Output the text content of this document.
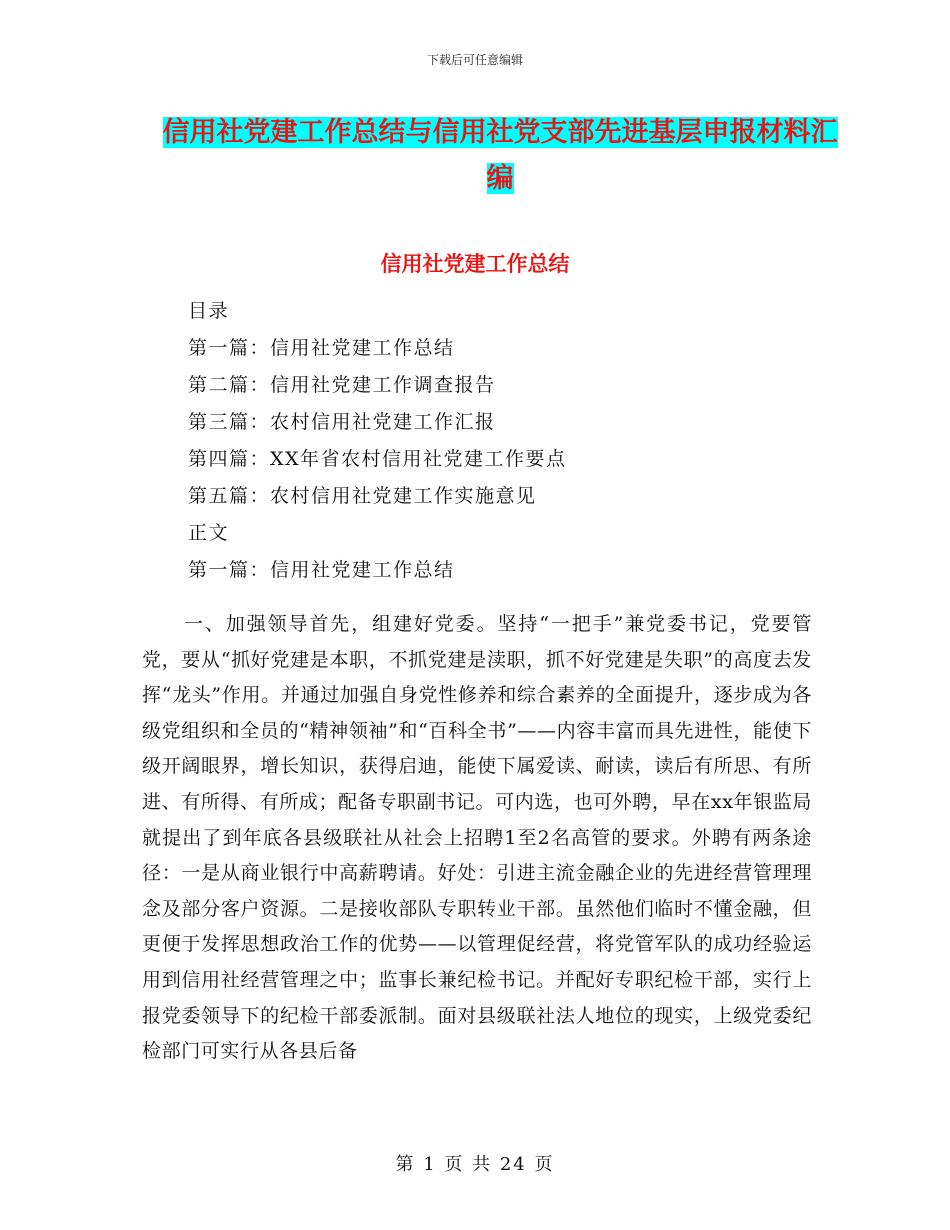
下载后可任意编辑
信用社党建工作总结与信用社党支部先进基层申报材料汇编
信用社党建工作总结
目录
第一篇：信用社党建工作总结
第二篇：信用社党建工作调查报告
第三篇：农村信用社党建工作汇报
第四篇：XX年省农村信用社党建工作要点
第五篇：农村信用社党建工作实施意见
正文
第一篇：信用社党建工作总结

一、加强领导首先，组建好党委。坚持“一把手”兼党委书记，党要管党，要从“抓好党建是本职，不抓党建是渎职，抓不好党建是失职”的高度去发挥“龙头”作用。并通过加强自身党性修养和综合素养的全面提升，逐步成为各级党组织和全员的“精神领袖”和“百科全书”——内容丰富而具先进性，能使下级开阔眼界，增长知识，获得启迪，能使下属爱读、耐读，读后有所思、有所进、有所得、有所成；配备专职副书记。可内选，也可外聘，早在xx年银监局就提出了到年底各县级联社从社会上招聘1至2名高管的要求。外聘有两条途径：一是从商业银行中高薪聘请。好处：引进主流金融企业的先进经营管理理念及部分客户资源。二是接收部队专职转业干部。虽然他们临时不懂金融，但更便于发挥思想政治工作的优势——以管理促经营，将党管军队的成功经验运用到信用社经营管理之中；监事长兼纪检书记。并配好专职纪检干部，实行上报党委领导下的纪检干部委派制。面对县级联社法人地位的现实，上级党委纪检部门可实行从各县后备

第 1 页 共 24 页
